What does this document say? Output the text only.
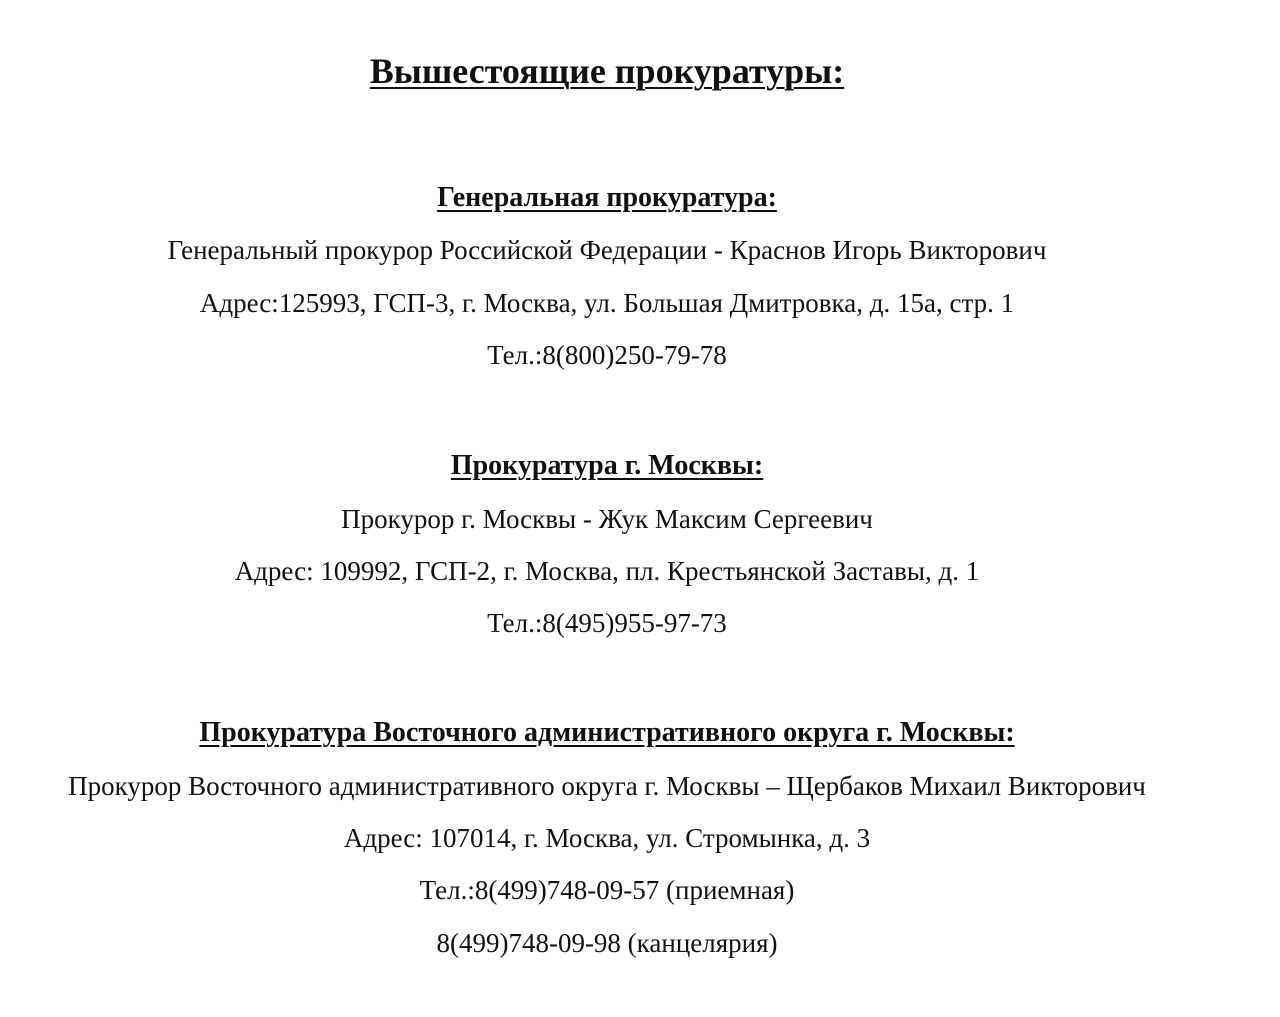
Вышестоящие прокуратуры:
Генеральная прокуратура:
Генеральный прокурор Российской Федерации - Краснов Игорь Викторович
Адрес:125993, ГСП-3, г. Москва, ул. Большая Дмитровка, д. 15а, стр. 1
Тел.:8(800)250-79-78
Прокуратура г. Москвы:
Прокурор г. Москвы - Жук Максим Сергеевич
Адрес: 109992, ГСП-2, г. Москва, пл. Крестьянской Заставы, д. 1
Тел.:8(495)955-97-73
Прокуратура Восточного административного округа г. Москвы:
Прокурор Восточного административного округа г. Москвы – Щербаков Михаил Викторович
Адрес: 107014, г. Москва, ул. Стромынка, д. 3
Тел.:8(499)748-09-57 (приемная)
8(499)748-09-98 (канцелярия)
